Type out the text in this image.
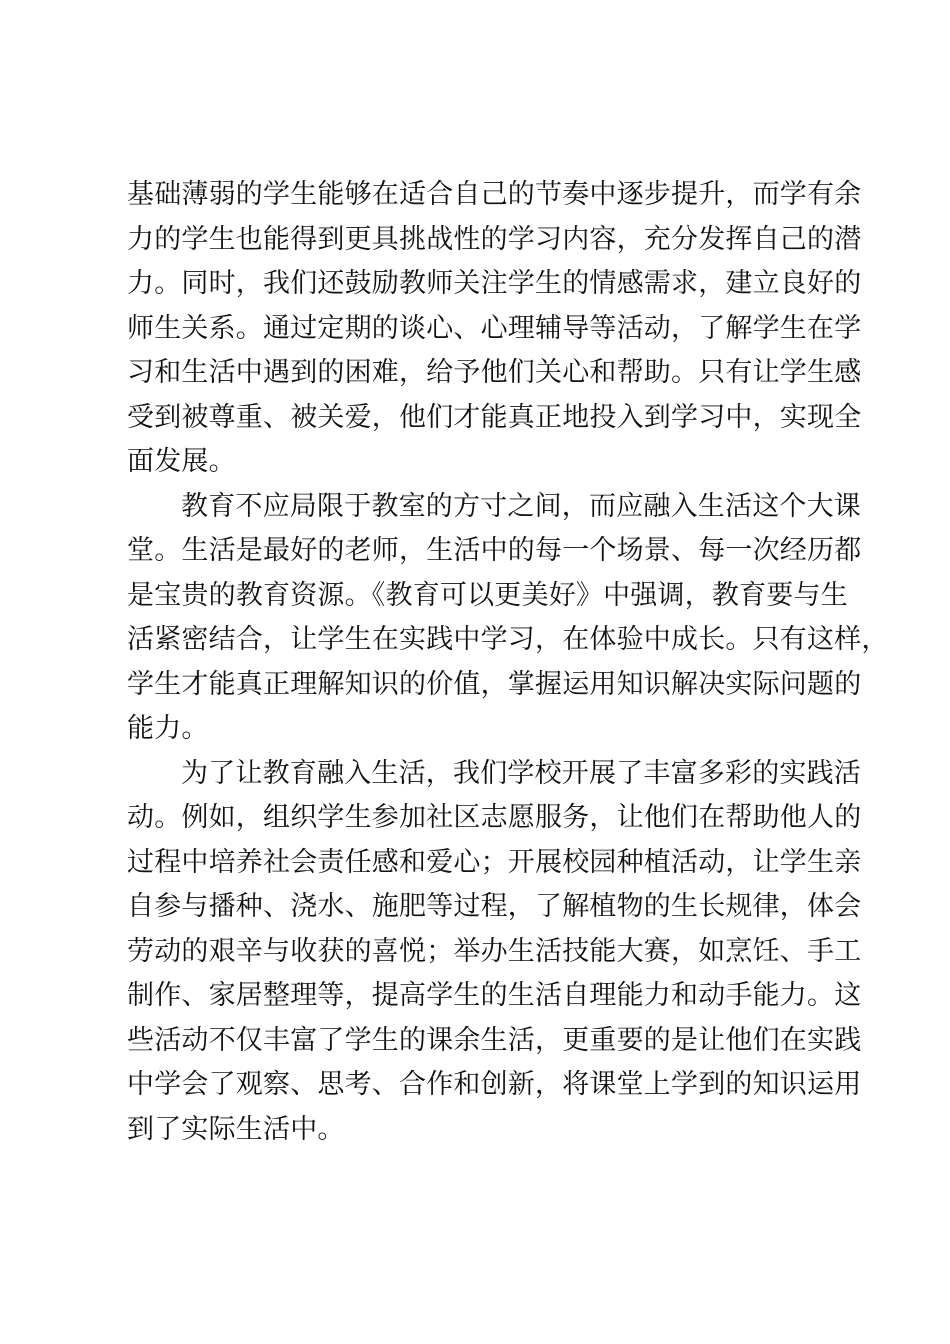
基础薄弱的学生能够在适合自己的节奏中逐步提升，而学有余
力的学生也能得到更具挑战性的学习内容，充分发挥自己的潜
力。同时，我们还鼓励教师关注学生的情感需求，建立良好的
师生关系。通过定期的谈心、心理辅导等活动，了解学生在学
习和生活中遇到的困难，给予他们关心和帮助。只有让学生感
受到被尊重、被关爱，他们才能真正地投入到学习中，实现全
面发展。
教育不应局限于教室的方寸之间，而应融入生活这个大课
堂。生活是最好的老师，生活中的每一个场景、每一次经历都
是宝贵的教育资源。《教育可以更美好》中强调，教育要与生
活紧密结合，让学生在实践中学习，在体验中成长。只有这样，
学生才能真正理解知识的价值，掌握运用知识解决实际问题的
能力。
为了让教育融入生活，我们学校开展了丰富多彩的实践活
动。例如，组织学生参加社区志愿服务，让他们在帮助他人的
过程中培养社会责任感和爱心；开展校园种植活动，让学生亲
自参与播种、浇水、施肥等过程，了解植物的生长规律，体会
劳动的艰辛与收获的喜悦；举办生活技能大赛，如烹饪、手工
制作、家居整理等，提高学生的生活自理能力和动手能力。这
些活动不仅丰富了学生的课余生活，更重要的是让他们在实践
中学会了观察、思考、合作和创新，将课堂上学到的知识运用
到了实际生活中。
